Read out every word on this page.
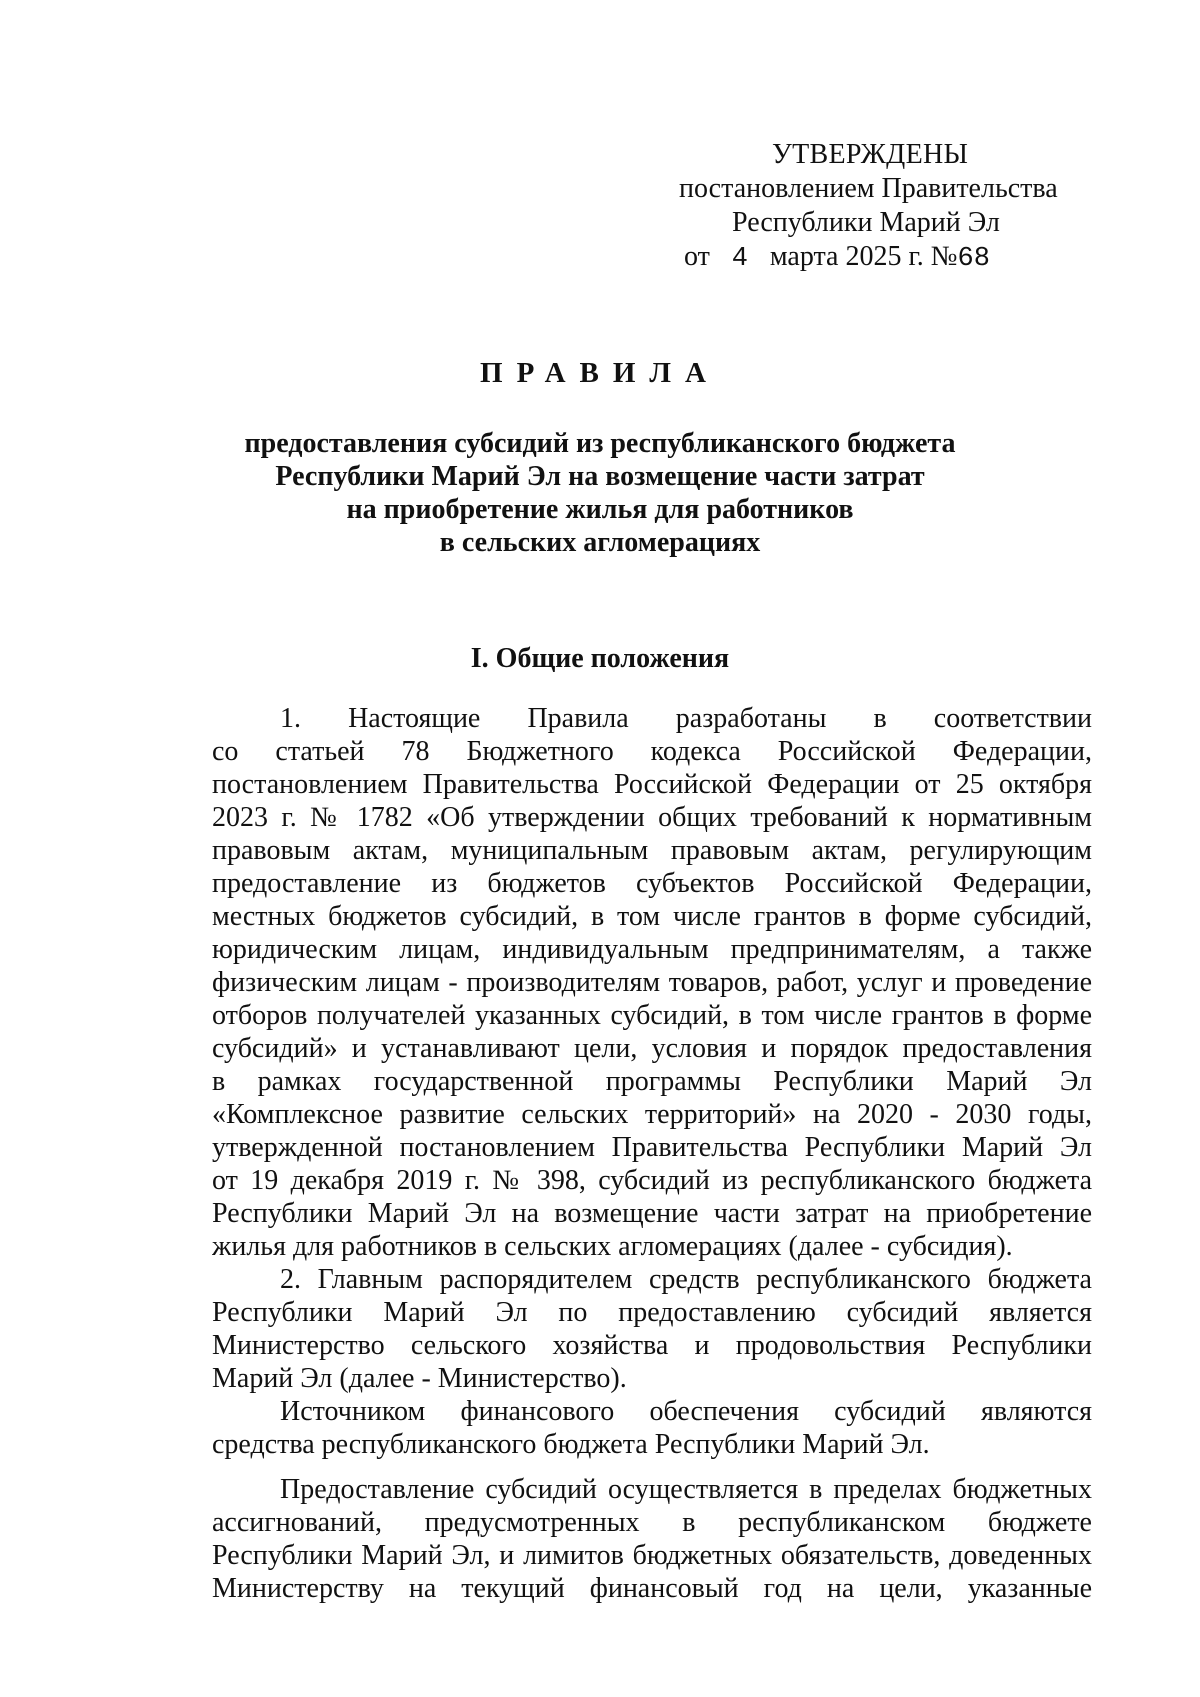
УТВЕРЖДЕНЫ
постановлением Правительства
Республики Марий Эл
от 4 марта 2025 г. №68
ПРАВИЛА
предоставления субсидий из республиканского бюджета
Республики Марий Эл на возмещение части затрат
на приобретение жилья для работников
в сельских агломерациях
I. Общие положения
1. Настоящие Правила разработаны в соответствии
со статьей 78 Бюджетного кодекса Российской Федерации,
постановлением Правительства Российской Федерации от 25 октября
2023 г. № 1782 «Об утверждении общих требований к нормативным
правовым актам, муниципальным правовым актам, регулирующим
предоставление из бюджетов субъектов Российской Федерации,
местных бюджетов субсидий, в том числе грантов в форме субсидий,
юридическим лицам, индивидуальным предпринимателям, а также
физическим лицам - производителям товаров, работ, услуг и проведение
отборов получателей указанных субсидий, в том числе грантов в форме
субсидий» и устанавливают цели, условия и порядок предоставления
в рамках государственной программы Республики Марий Эл
«Комплексное развитие сельских территорий» на 2020 - 2030 годы,
утвержденной постановлением Правительства Республики Марий Эл
от 19 декабря 2019 г. № 398, субсидий из республиканского бюджета
Республики Марий Эл на возмещение части затрат на приобретение
жилья для работников в сельских агломерациях (далее - субсидия).
2. Главным распорядителем средств республиканского бюджета
Республики Марий Эл по предоставлению субсидий является
Министерство сельского хозяйства и продовольствия Республики
Марий Эл (далее - Министерство).
Источником финансового обеспечения субсидий являются
средства республиканского бюджета Республики Марий Эл.
Предоставление субсидий осуществляется в пределах бюджетных
ассигнований, предусмотренных в республиканском бюджете
Республики Марий Эл, и лимитов бюджетных обязательств, доведенных
Министерству на текущий финансовый год на цели, указанные
